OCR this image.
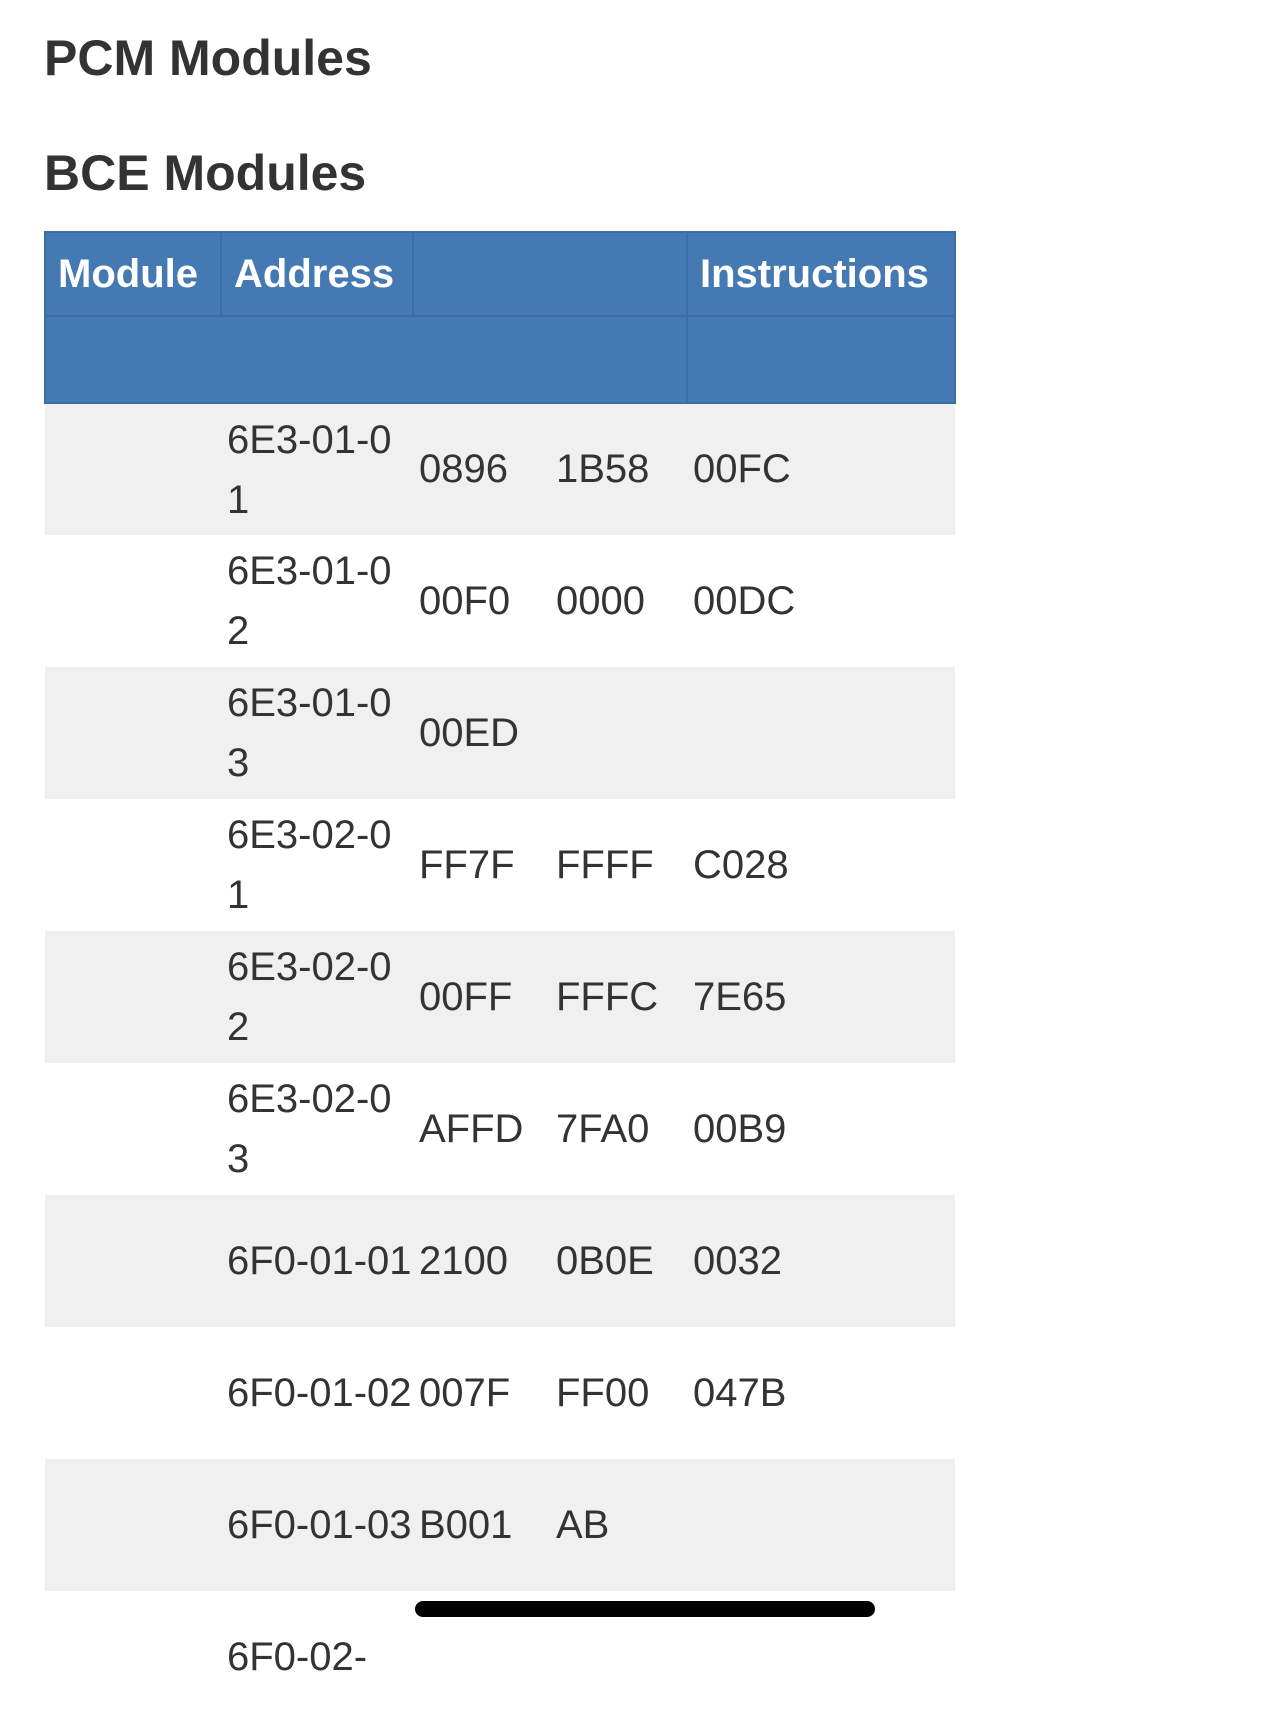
PCM Modules
BCE Modules
Module	Address			Instructions

	6E3-01-01	0896	1B58	00FC
	6E3-01-02	00F0	0000	00DC
	6E3-01-03	00ED		
	6E3-02-01	FF7F	FFFF	C028
	6E3-02-02	00FF	FFFC	7E65
	6E3-02-03	AFFD	7FA0	00B9
	6F0-01-01	2100	0B0E	0032
	6F0-01-02	007F	FF00	047B
	6F0-01-03	B001	AB	
	6F0-02-			
